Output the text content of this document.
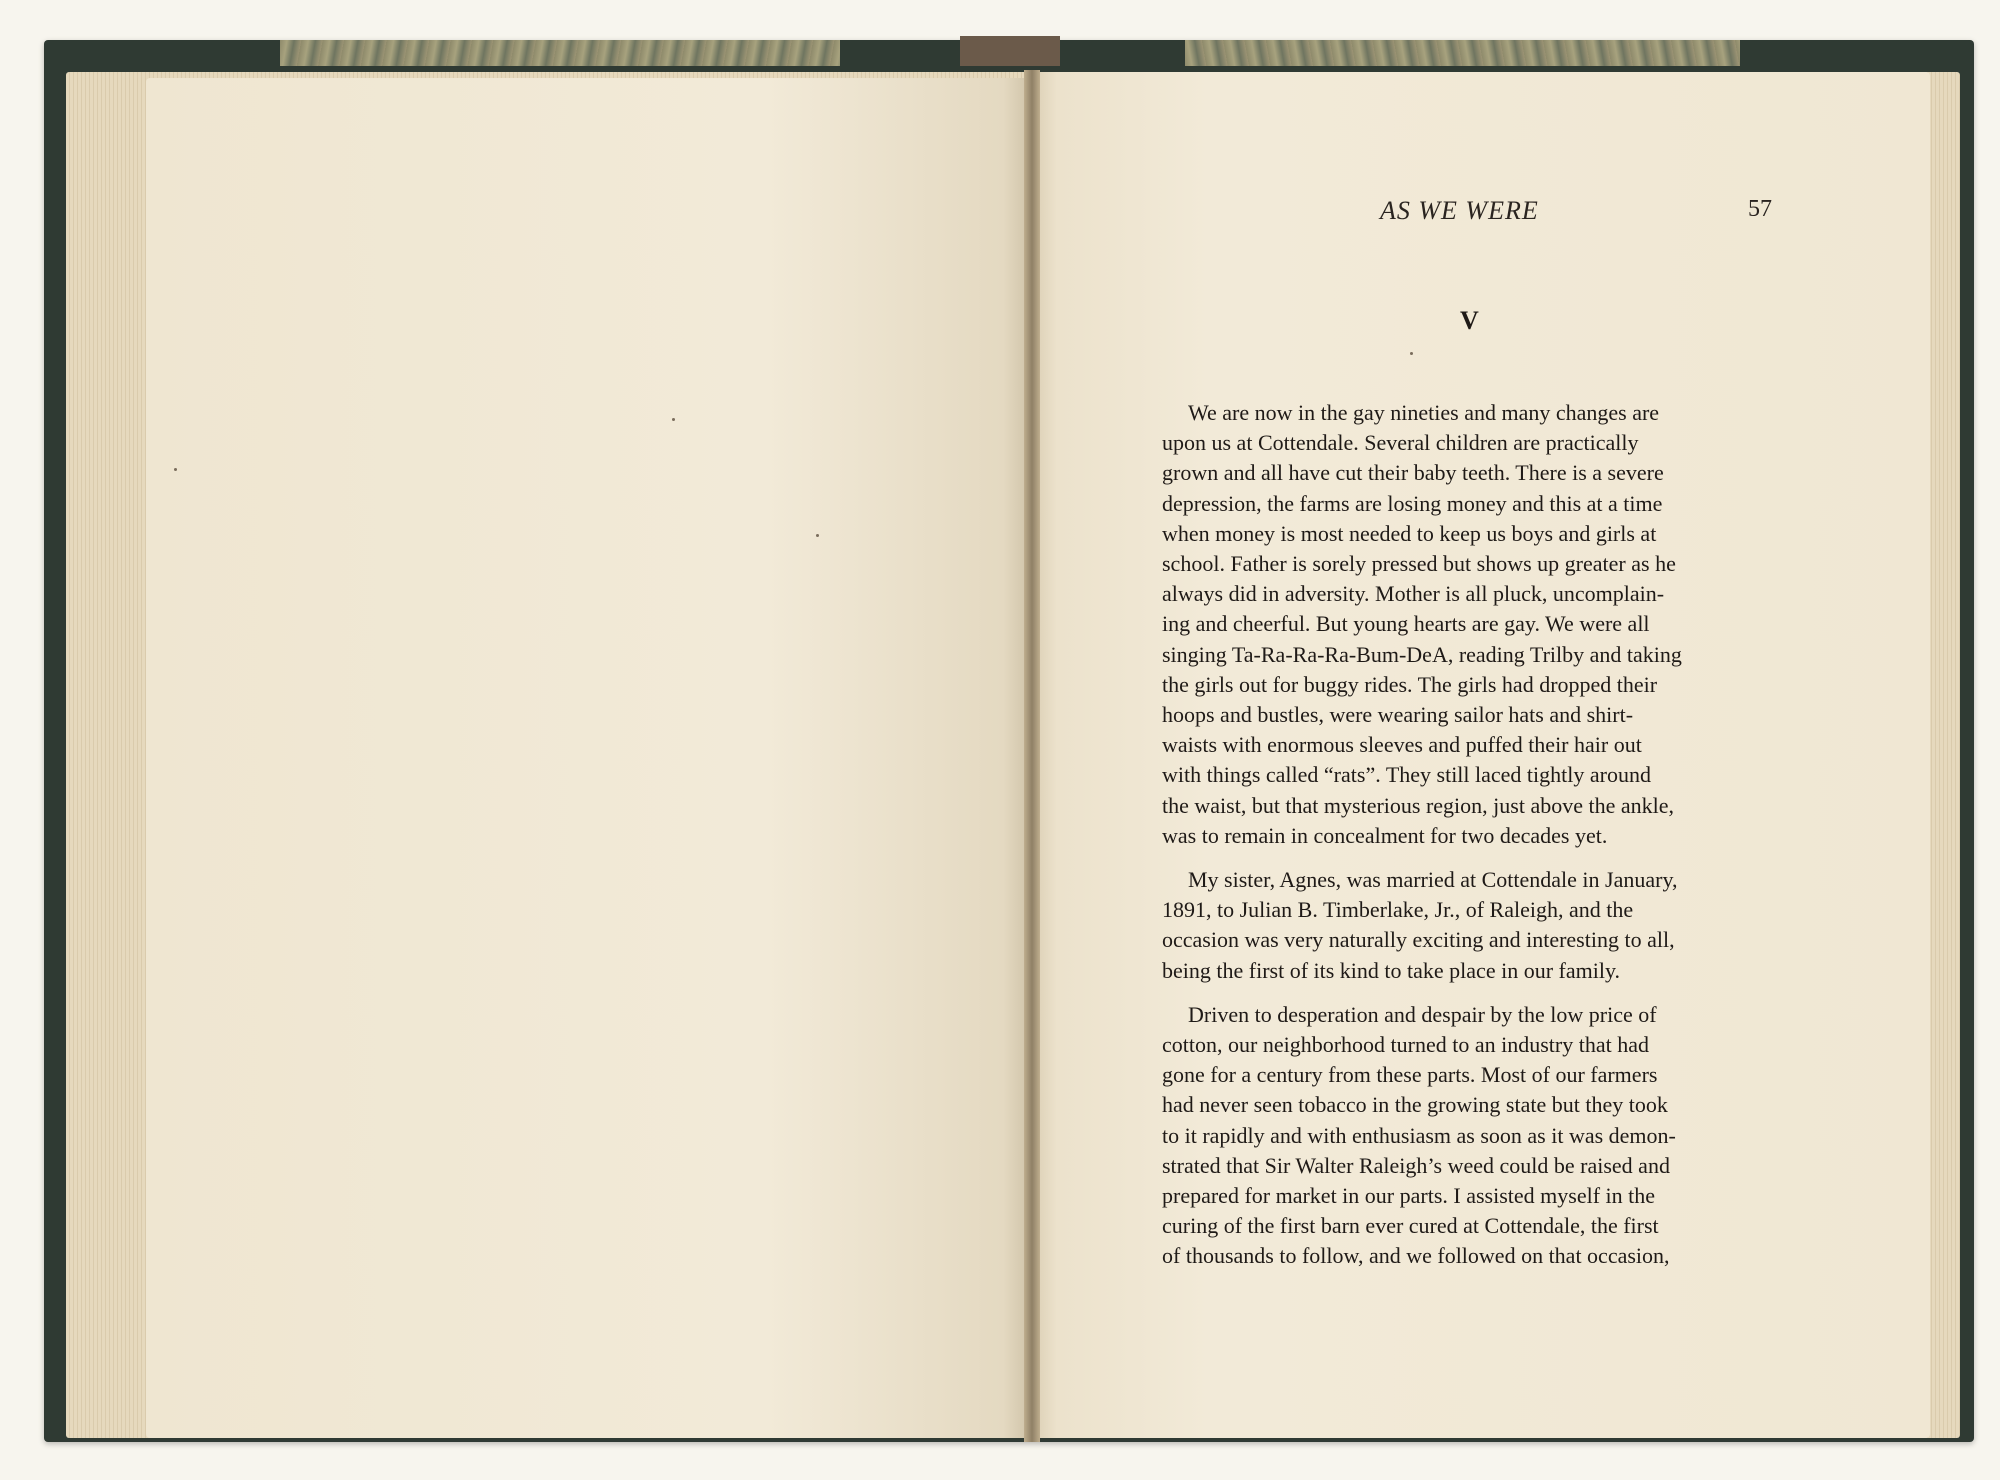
AS WE WERE	57
V

We are now in the gay nineties and many changes are
upon us at Cottendale. Several children are practically
grown and all have cut their baby teeth. There is a severe
depression, the farms are losing money and this at a time
when money is most needed to keep us boys and girls at
school. Father is sorely pressed but shows up greater as he
always did in adversity. Mother is all pluck, uncomplain-
ing and cheerful. But young hearts are gay. We were all
singing Ta-Ra-Ra-Ra-Bum-DeA, reading Trilby and taking
the girls out for buggy rides. The girls had dropped their
hoops and bustles, were wearing sailor hats and shirt-
waists with enormous sleeves and puffed their hair out
with things called “rats”. They still laced tightly around
the waist, but that mysterious region, just above the ankle,
was to remain in concealment for two decades yet.

My sister, Agnes, was married at Cottendale in January,
1891, to Julian B. Timberlake, Jr., of Raleigh, and the
occasion was very naturally exciting and interesting to all,
being the first of its kind to take place in our family.

Driven to desperation and despair by the low price of
cotton, our neighborhood turned to an industry that had
gone for a century from these parts. Most of our farmers
had never seen tobacco in the growing state but they took
to it rapidly and with enthusiasm as soon as it was demon-
strated that Sir Walter Raleigh’s weed could be raised and
prepared for market in our parts. I assisted myself in the
curing of the first barn ever cured at Cottendale, the first
of thousands to follow, and we followed on that occasion,
